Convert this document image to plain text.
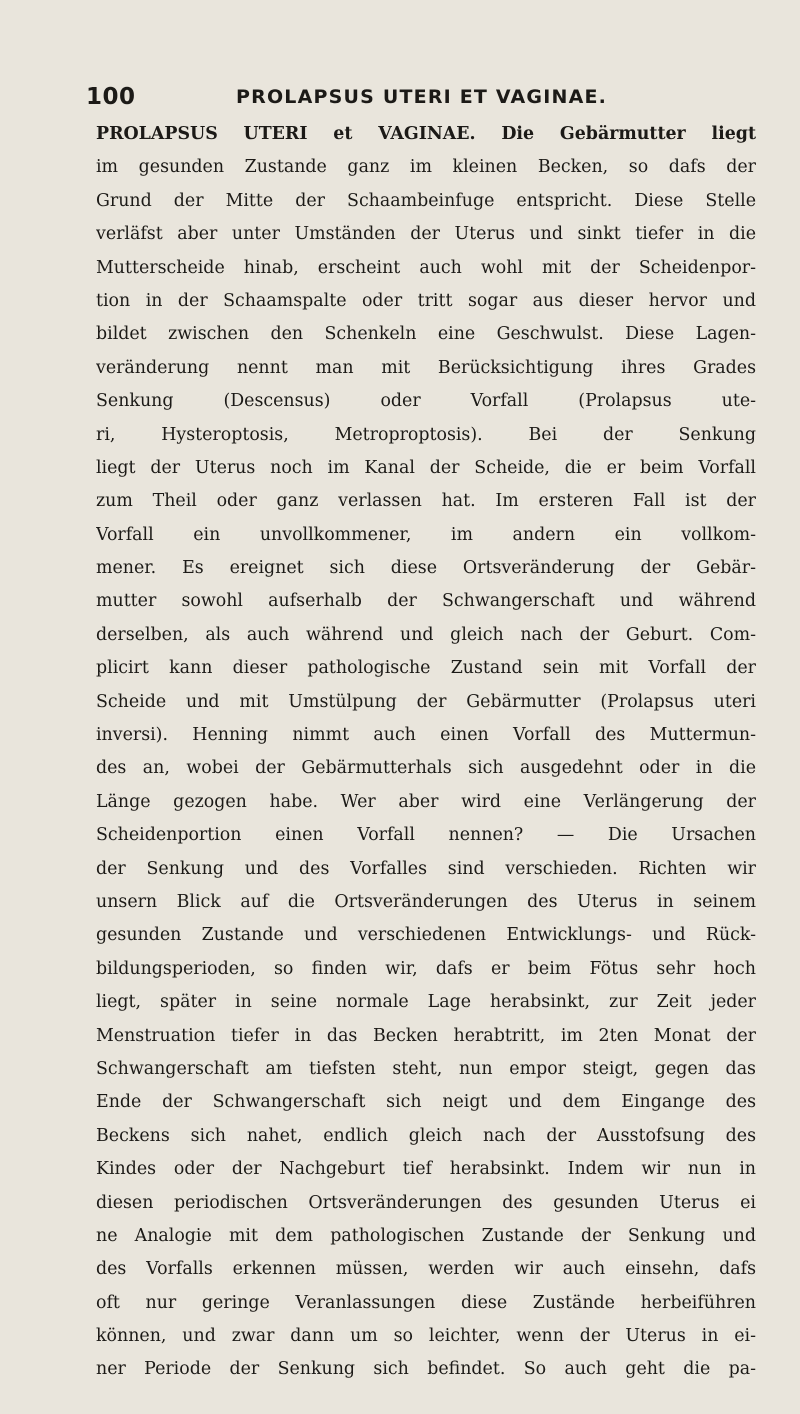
100	PROLAPSUS UTERI ET VAGINAE.
PROLAPSUS UTERI et VAGINAE. Die Gebärmutter liegt
im gesunden Zustande ganz im kleinen Becken, so dafs der
Grund der Mitte der Schaambeinfuge entspricht. Diese Stelle
verläfst aber unter Umständen der Uterus und sinkt tiefer in die
Mutterscheide hinab, erscheint auch wohl mit der Scheidenpor-
tion in der Schaamspalte oder tritt sogar aus dieser hervor und
bildet zwischen den Schenkeln eine Geschwulst. Diese Lagen-
veränderung nennt man mit Berücksichtigung ihres Grades
Senkung (Descensus) oder Vorfall (Prolapsus ute-
ri, Hysteroptosis, Metroproptosis). Bei der Senkung
liegt der Uterus noch im Kanal der Scheide, die er beim Vorfall
zum Theil oder ganz verlassen hat. Im ersteren Fall ist der
Vorfall ein unvollkommener, im andern ein vollkom-
mener. Es ereignet sich diese Ortsveränderung der Gebär-
mutter sowohl aufserhalb der Schwangerschaft und während
derselben, als auch während und gleich nach der Geburt. Com-
plicirt kann dieser pathologische Zustand sein mit Vorfall der
Scheide und mit Umstülpung der Gebärmutter (Prolapsus uteri
inversi). Henning nimmt auch einen Vorfall des Muttermun-
des an, wobei der Gebärmutterhals sich ausgedehnt oder in die
Länge gezogen habe. Wer aber wird eine Verlängerung der
Scheidenportion einen Vorfall nennen? — Die Ursachen
der Senkung und des Vorfalles sind verschieden. Richten wir
unsern Blick auf die Ortsveränderungen des Uterus in seinem
gesunden Zustande und verschiedenen Entwicklungs- und Rück-
bildungsperioden, so finden wir, dafs er beim Fötus sehr hoch
liegt, später in seine normale Lage herabsinkt, zur Zeit jeder
Menstruation tiefer in das Becken herabtritt, im 2ten Monat der
Schwangerschaft am tiefsten steht, nun empor steigt, gegen das
Ende der Schwangerschaft sich neigt und dem Eingange des
Beckens sich nahet, endlich gleich nach der Ausstofsung des
Kindes oder der Nachgeburt tief herabsinkt. Indem wir nun in
diesen periodischen Ortsveränderungen des gesunden Uterus ei
ne Analogie mit dem pathologischen Zustande der Senkung und
des Vorfalls erkennen müssen, werden wir auch einsehn, dafs
oft nur geringe Veranlassungen diese Zustände herbeiführen
können, und zwar dann um so leichter, wenn der Uterus in ei-
ner Periode der Senkung sich befindet. So auch geht die pa-
